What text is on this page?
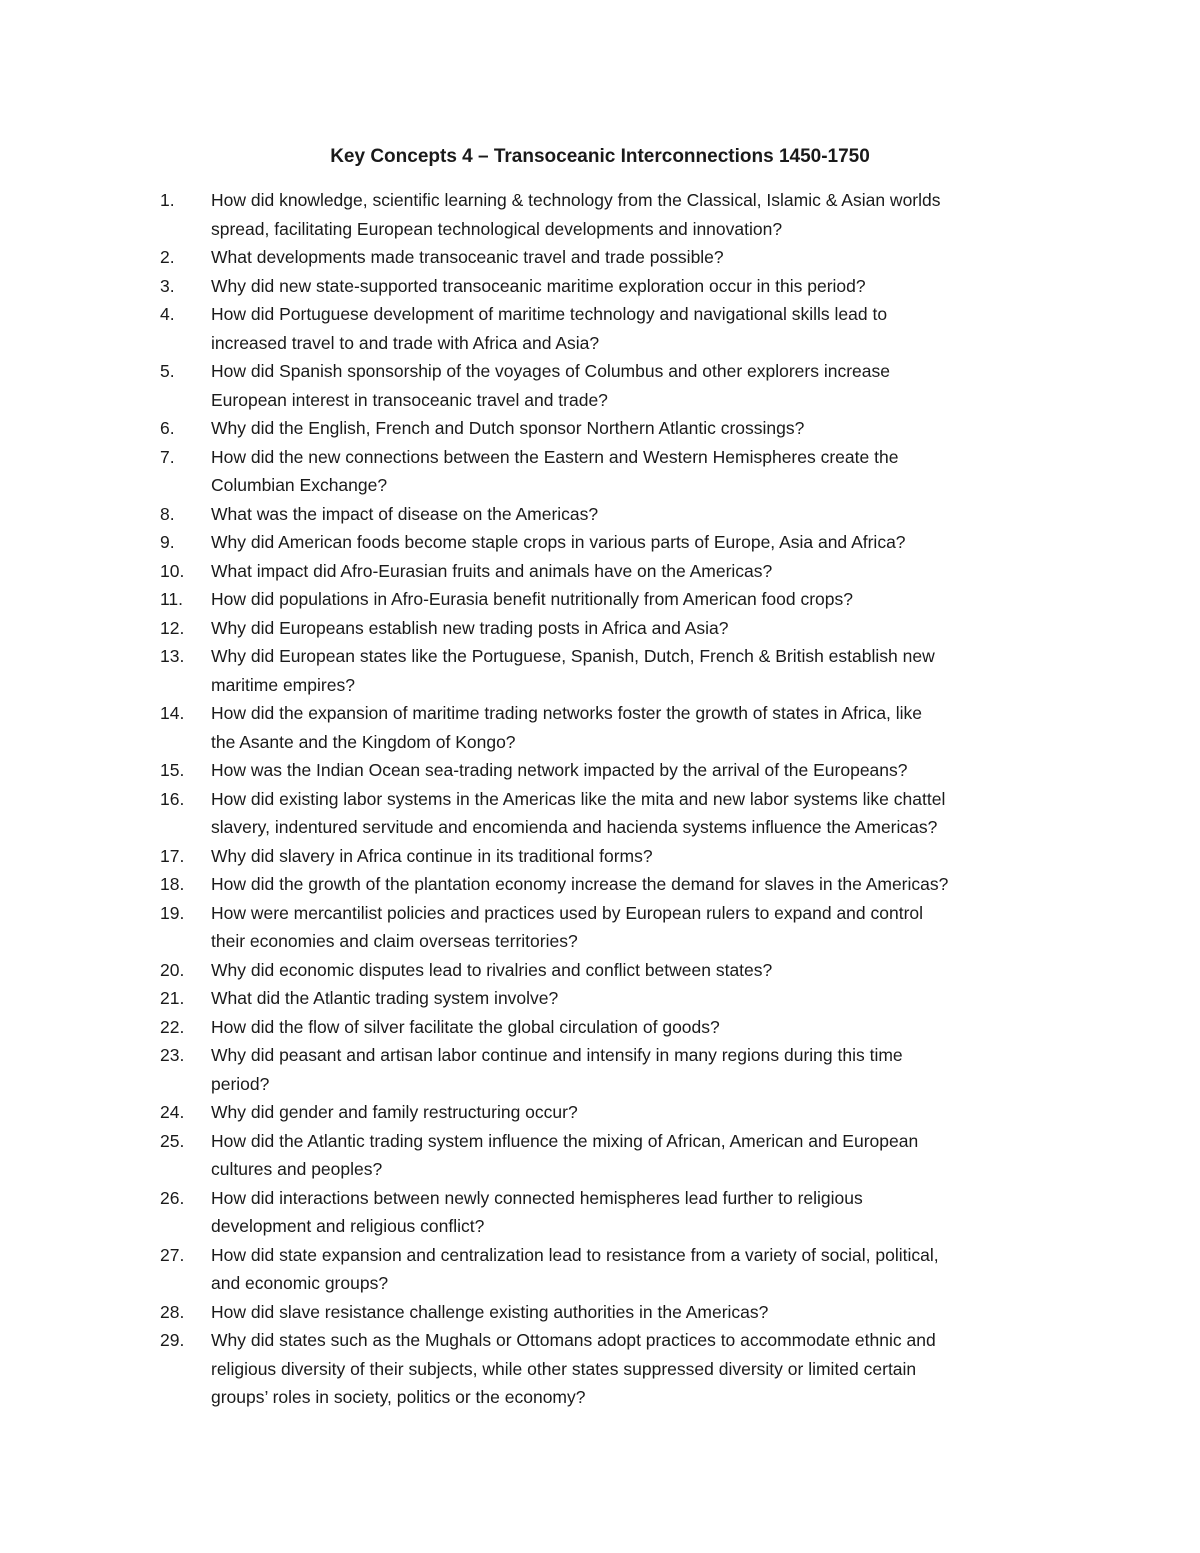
Key Concepts 4 – Transoceanic Interconnections 1450-1750
1.	How did knowledge, scientific learning & technology from the Classical, Islamic & Asian worlds
spread, facilitating European technological developments and innovation?
2.	What developments made transoceanic travel and trade possible?
3.	Why did new state-supported transoceanic maritime exploration occur in this period?
4.	How did Portuguese development of maritime technology and navigational skills lead to
increased travel to and trade with Africa and Asia?
5.	How did Spanish sponsorship of the voyages of Columbus and other explorers increase
European interest in transoceanic travel and trade?
6.	Why did the English, French and Dutch sponsor Northern Atlantic crossings?
7.	How did the new connections between the Eastern and Western Hemispheres create the
Columbian Exchange?
8.	What was the impact of disease on the Americas?
9.	Why did American foods become staple crops in various parts of Europe, Asia and Africa?
10.	What impact did Afro-Eurasian fruits and animals have on the Americas?
11.	How did populations in Afro-Eurasia benefit nutritionally from American food crops?
12.	Why did Europeans establish new trading posts in Africa and Asia?
13.	Why did European states like the Portuguese, Spanish, Dutch, French & British establish new
maritime empires?
14.	How did the expansion of maritime trading networks foster the growth of states in Africa, like
the Asante and the Kingdom of Kongo?
15.	How was the Indian Ocean sea-trading network impacted by the arrival of the Europeans?
16.	How did existing labor systems in the Americas like the mita and new labor systems like chattel
slavery, indentured servitude and encomienda and hacienda systems influence the Americas?
17.	Why did slavery in Africa continue in its traditional forms?
18.	How did the growth of the plantation economy increase the demand for slaves in the Americas?
19.	How were mercantilist policies and practices used by European rulers to expand and control
their economies and claim overseas territories?
20.	Why did economic disputes lead to rivalries and conflict between states?
21.	What did the Atlantic trading system involve?
22.	How did the flow of silver facilitate the global circulation of goods?
23.	Why did peasant and artisan labor continue and intensify in many regions during this time
period?
24.	Why did gender and family restructuring occur?
25.	How did the Atlantic trading system influence the mixing of African, American and European
cultures and peoples?
26.	How did interactions between newly connected hemispheres lead further to religious
development and religious conflict?
27.	How did state expansion and centralization lead to resistance from a variety of social, political,
and economic groups?
28.	How did slave resistance challenge existing authorities in the Americas?
29.	Why did states such as the Mughals or Ottomans adopt practices to accommodate ethnic and
religious diversity of their subjects, while other states suppressed diversity or limited certain
groups’ roles in society, politics or the economy?
